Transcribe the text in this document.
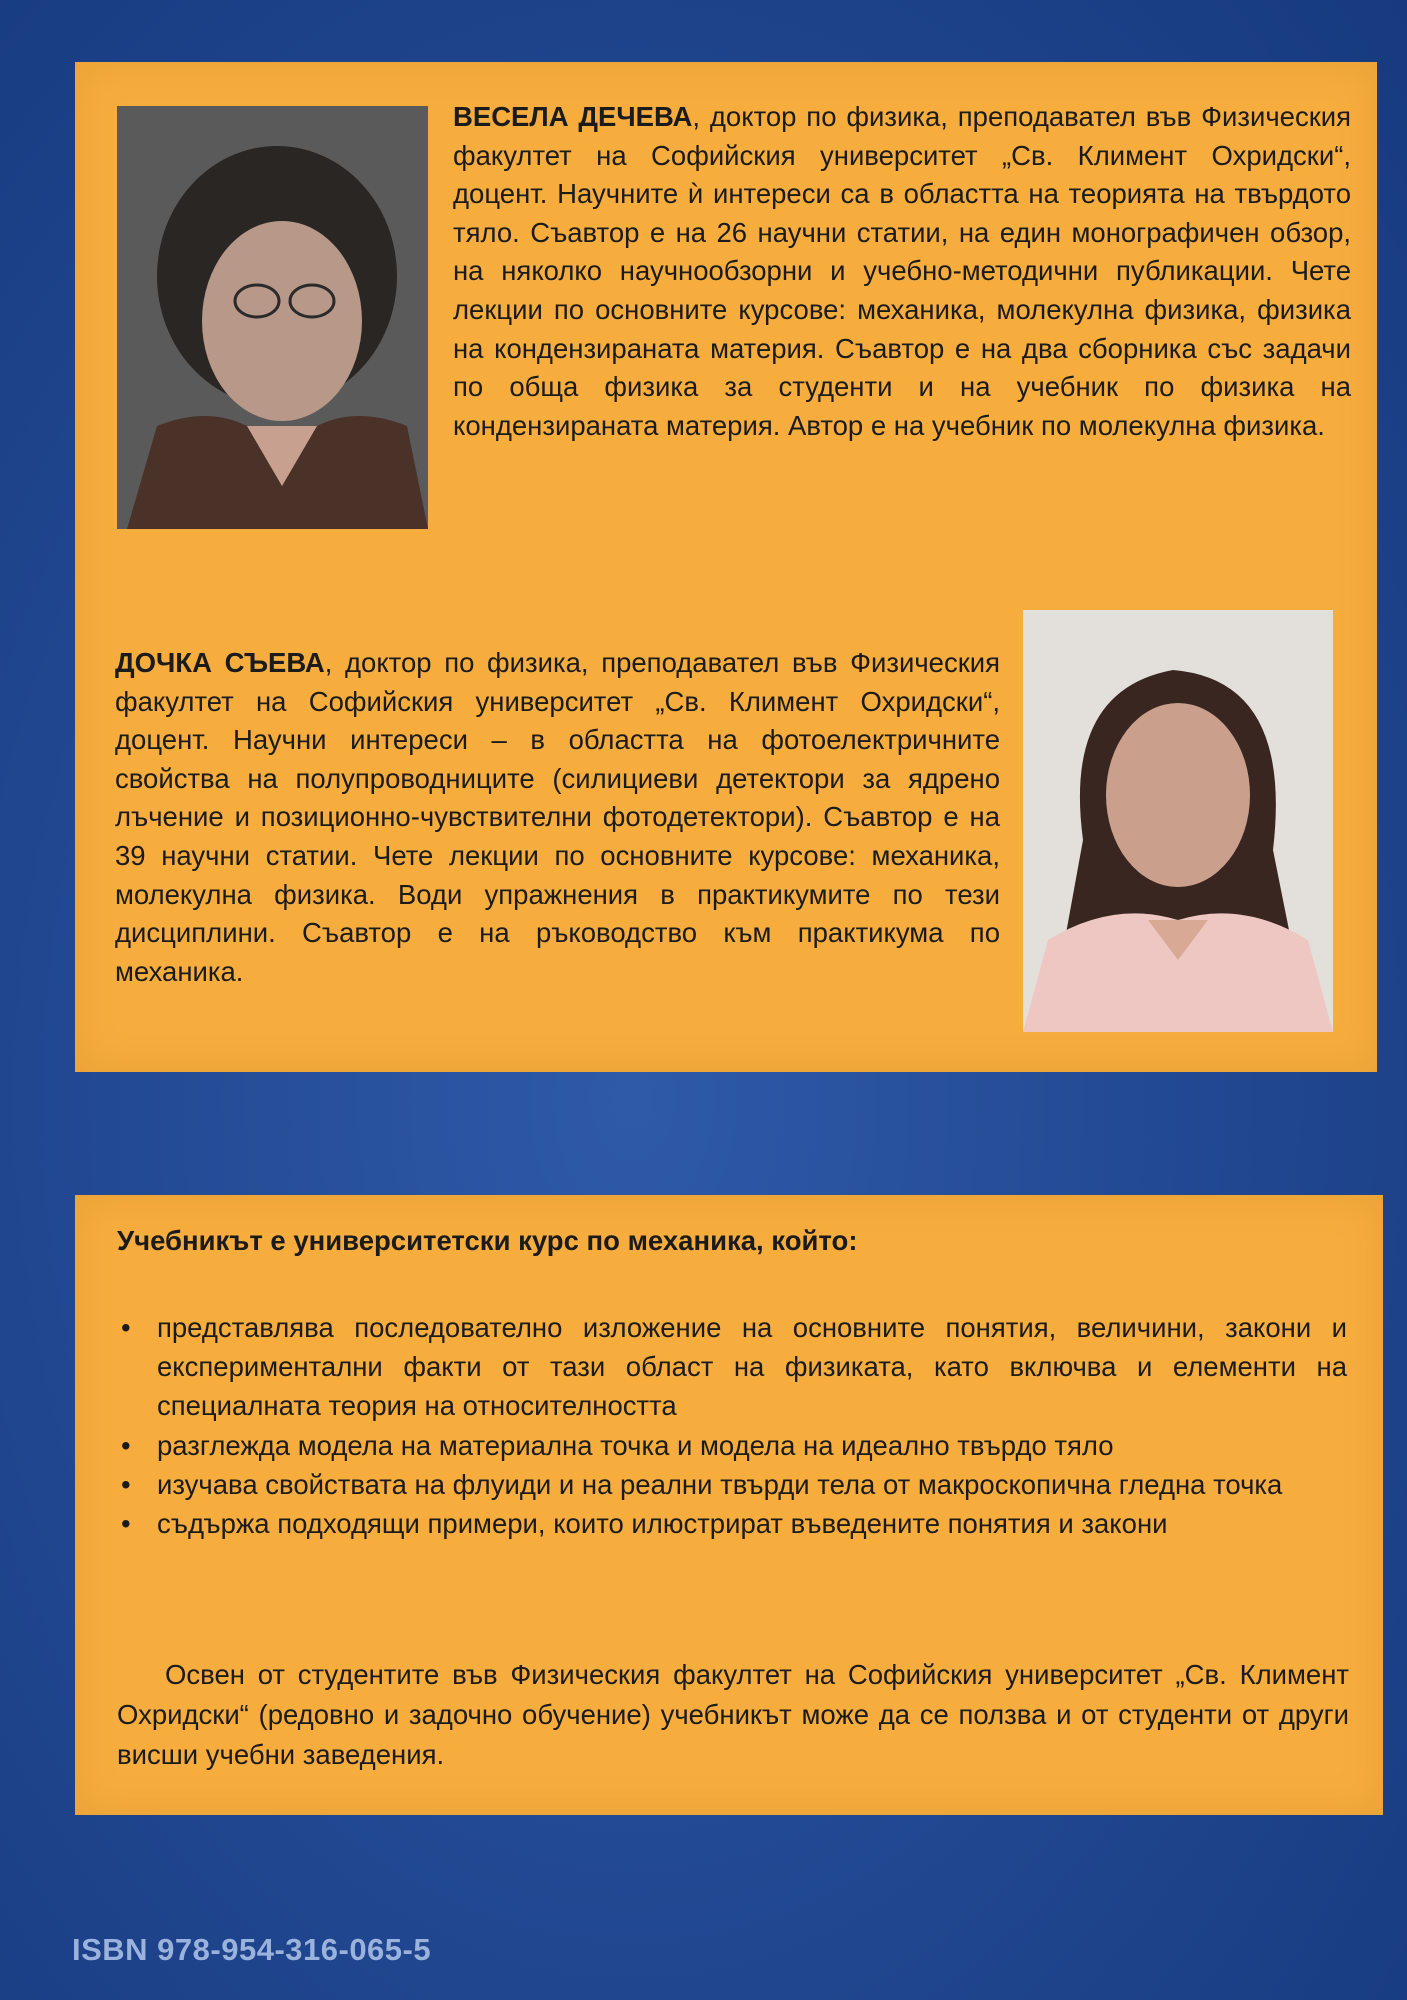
ВЕСЕЛА ДЕЧЕВА, доктор по физика, преподавател във Физическия факултет на Софийския университет „Св. Климент Охридски“, доцент. Научните ѝ интереси са в областта на теорията на твърдото тяло. Съавтор е на 26 научни статии, на един монографичен обзор, на няколко научнообзорни и учебно-методични публикации. Чете лекции по основните курсове: механика, молекулна физика, физика на кондензираната материя. Съавтор е на два сборника със задачи по обща физика за студенти и на учебник по физика на кондензираната материя. Автор е на учебник по молекулна физика.
ДОЧКА СЪЕВА, доктор по физика, преподавател във Физическия факултет на Софийския университет „Св. Климент Охридски“, доцент. Научни интереси – в областта на фотоелектричните свойства на полупроводниците (силициеви детектори за ядрено лъчение и позиционно-чувствителни фотодетектори). Съавтор е на 39 научни статии. Чете лекции по основните курсове: механика, молекулна физика. Води упражнения в практикумите по тези дисциплини. Съавтор е на ръководство към практикума по механика.
Учебникът е университетски курс по механика, който:
• представлява последователно изложение на основните понятия, величини, закони и експериментални факти от тази област на физиката, като включва и елементи на специалната теория на относителността
• разглежда модела на материална точка и модела на идеално твърдо тяло
• изучава свойствата на флуиди и на реални твърди тела от макроскопична гледна точка
• съдържа подходящи примери, които илюстрират въведените понятия и закони
Освен от студентите във Физическия факултет на Софийския университет „Св. Климент Охридски“ (редовно и задочно обучение) учебникът може да се ползва и от студенти от други висши учебни заведения.
ISBN 978-954-316-065-5
